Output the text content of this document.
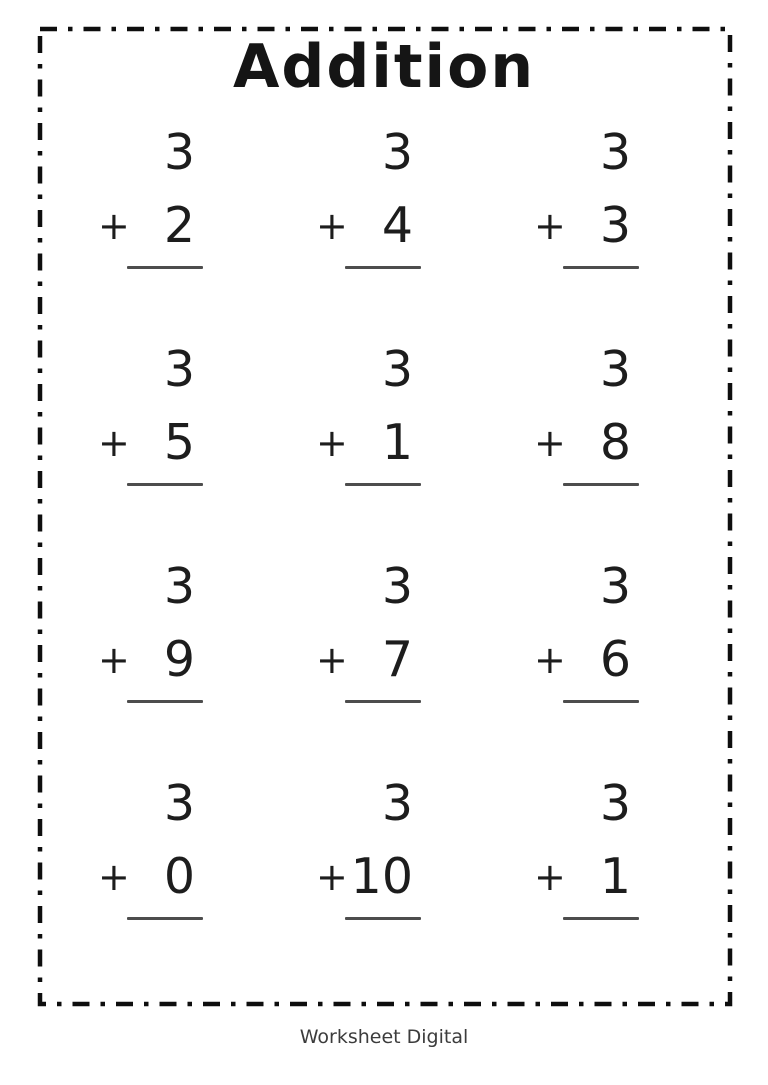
Addition
3
+ 2
3
+ 4
3
+ 3
3
+ 5
3
+ 1
3
+ 8
3
+ 9
3
+ 7
3
+ 6
3
+ 0
3
+ 10
3
+ 1
Worksheet Digital
